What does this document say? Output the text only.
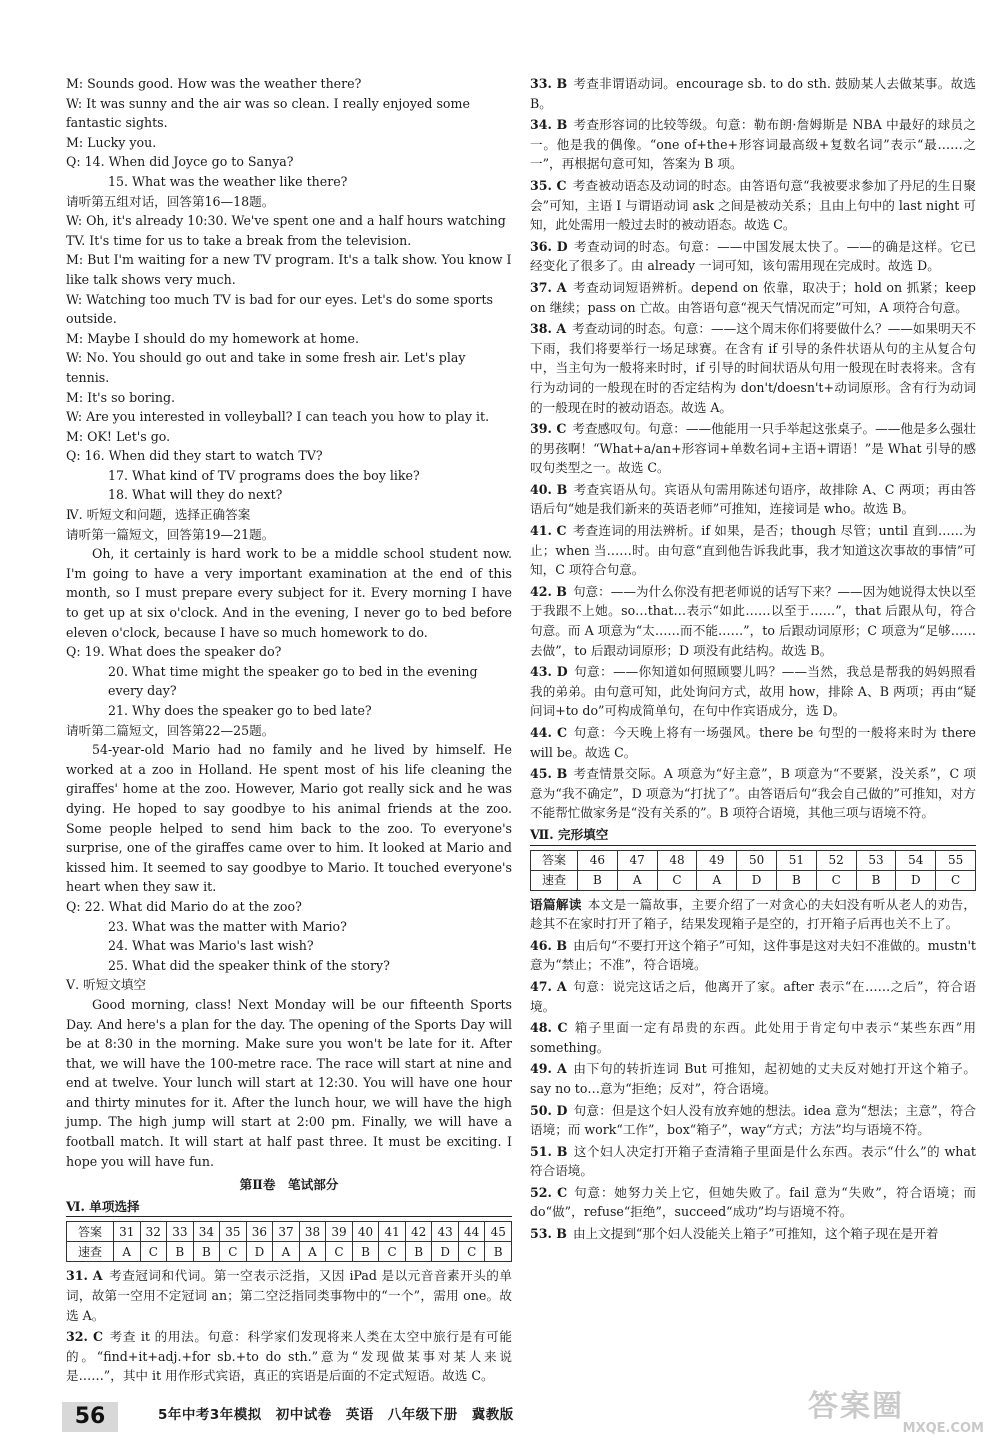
M: Sounds good. How was the weather there?

W: It was sunny and the air was so clean. I really enjoyed some fantastic sights.

M: Lucky you.

Q: 14. When did Joyce go to Sanya?

15. What was the weather like there?

请听第五组对话，回答第16—18题。

W: Oh, it's already 10:30. We've spent one and a half hours watching TV. It's time for us to take a break from the television.

M: But I'm waiting for a new TV program. It's a talk show. You know I like talk shows very much.

W: Watching too much TV is bad for our eyes. Let's do some sports outside.

M: Maybe I should do my homework at home.

W: No. You should go out and take in some fresh air. Let's play tennis.

M: It's so boring.

W: Are you interested in volleyball? I can teach you how to play it.

M: OK! Let's go.

Q: 16. When did they start to watch TV?

17. What kind of TV programs does the boy like?

18. What will they do next?

Ⅳ. 听短文和问题，选择正确答案

请听第一篇短文，回答第19—21题。

Oh, it certainly is hard work to be a middle school student now. I'm going to have a very important examination at the end of this month, so I must prepare every subject for it. Every morning I have to get up at six o'clock. And in the evening, I never go to bed before eleven o'clock, because I have so much homework to do.

Q: 19. What does the speaker do?

20. What time might the speaker go to bed in the evening every day?

21. Why does the speaker go to bed late?

请听第二篇短文，回答第22—25题。

54-year-old Mario had no family and he lived by himself. He worked at a zoo in Holland. He spent most of his life cleaning the giraffes' home at the zoo. However, Mario got really sick and he was dying. He hoped to say goodbye to his animal friends at the zoo. Some people helped to send him back to the zoo. To everyone's surprise, one of the giraffes came over to him. It looked at Mario and kissed him. It seemed to say goodbye to Mario. It touched everyone's heart when they saw it.

Q: 22. What did Mario do at the zoo?

23. What was the matter with Mario?

24. What was Mario's last wish?

25. What did the speaker think of the story?

Ⅴ. 听短文填空

Good morning, class! Next Monday will be our fifteenth Sports Day. And here's a plan for the day. The opening of the Sports Day will be at 8:30 in the morning. Make sure you won't be late for it. After that, we will have the 100-metre race. The race will start at nine and end at twelve. Your lunch will start at 12:30. You will have one hour and thirty minutes for it. After the lunch hour, we will have the high jump. The high jump will start at 2:00 pm. Finally, we will have a football match. It will start at half past three. It must be exciting. I hope you will have fun.

第Ⅱ卷　笔试部分

Ⅵ. 单项选择

答案	31	32	33	34	35	36	37	38	39	40	41	42	43	44	45
速查	A	C	B	B	C	D	A	A	C	B	C	B	D	C	B

31. A 考查冠词和代词。第一空表示泛指，又因 iPad 是以元音音素开头的单词，故第一空用不定冠词 an；第二空泛指同类事物中的“一个”，需用 one。故选 A。

32. C 考查 it 的用法。句意：科学家们发现将来人类在太空中旅行是有可能的。“find+it+adj.+for sb.+to do sth.”意为“发现做某事对某人来说是……”，其中 it 用作形式宾语，真正的宾语是后面的不定式短语。故选 C。

33. B 考查非谓语动词。encourage sb. to do sth. 鼓励某人去做某事。故选 B。

34. B 考查形容词的比较等级。句意：勒布朗·詹姆斯是 NBA 中最好的球员之一。他是我的偶像。“one of+the+形容词最高级+复数名词”表示“最……之一”，再根据句意可知，答案为 B 项。

35. C 考查被动语态及动词的时态。由答语句意“我被要求参加了丹尼的生日聚会”可知，主语 I 与谓语动词 ask 之间是被动关系；且由上句中的 last night 可知，此处需用一般过去时的被动语态。故选 C。

36. D 考查动词的时态。句意：——中国发展太快了。——的确是这样。它已经变化了很多了。由 already 一词可知，该句需用现在完成时。故选 D。

37. A 考查动词短语辨析。depend on 依靠，取决于；hold on 抓紧；keep on 继续；pass on 亡故。由答语句意“视天气情况而定”可知，A 项符合句意。

38. A 考查动词的时态。句意：——这个周末你们将要做什么？——如果明天不下雨，我们将要举行一场足球赛。在含有 if 引导的条件状语从句的主从复合句中，当主句为一般将来时时，if 引导的时间状语从句用一般现在时表将来。含有行为动词的一般现在时的否定结构为 don't/doesn't+动词原形。含有行为动词的一般现在时的被动语态。故选 A。

39. C 考查感叹句。句意：——他能用一只手举起这张桌子。——他是多么强壮的男孩啊！“What+a/an+形容词+单数名词+主语+谓语！”是 What 引导的感叹句类型之一。故选 C。

40. B 考查宾语从句。宾语从句需用陈述句语序，故排除 A、C 两项；再由答语后句“她是我们新来的英语老师”可推知，连接词是 who。故选 B。

41. C 考查连词的用法辨析。if 如果，是否；though 尽管；until 直到……为止；when 当……时。由句意“直到他告诉我此事，我才知道这次事故的事情”可知，C 项符合句意。

42. B 句意：——为什么你没有把老师说的话写下来？——因为她说得太快以至于我跟不上她。so…that…表示“如此……以至于……”，that 后跟从句，符合句意。而 A 项意为“太……而不能……”，to 后跟动词原形；C 项意为“足够……去做”，to 后跟动词原形；D 项没有此结构。故选 B。

43. D 句意：——你知道如何照顾婴儿吗？——当然，我总是帮我的妈妈照看我的弟弟。由句意可知，此处询问方式，故用 how，排除 A、B 两项；再由“疑问词+to do”可构成简单句，在句中作宾语成分，选 D。

44. C 句意：今天晚上将有一场强风。there be 句型的一般将来时为 there will be。故选 C。

45. B 考查情景交际。A 项意为“好主意”，B 项意为“不要紧，没关系”，C 项意为“我不确定”，D 项意为“打扰了”。由答语后句“我会自己做的”可推知，对方不能帮忙做家务是“没有关系的”。B 项符合语境，其他三项与语境不符。

Ⅶ. 完形填空

答案	46	47	48	49	50	51	52	53	54	55
速查	B	A	C	A	D	B	C	B	D	C

语篇解读 本文是一篇故事，主要介绍了一对贪心的夫妇没有听从老人的劝告，趁其不在家时打开了箱子，结果发现箱子是空的，打开箱子后再也关不上了。

46. B 由后句“不要打开这个箱子”可知，这件事是这对夫妇不准做的。mustn't 意为“禁止；不准”，符合语境。

47. A 句意：说完这话之后，他离开了家。after 表示“在……之后”，符合语境。

48. C 箱子里面一定有昂贵的东西。此处用于肯定句中表示“某些东西”用 something。

49. A 由下句的转折连词 But 可推知，起初她的丈夫反对她打开这个箱子。say no to…意为“拒绝；反对”，符合语境。

50. D 句意：但是这个妇人没有放弃她的想法。idea 意为“想法；主意”，符合语境；而 work“工作”，box“箱子”，way“方式；方法”均与语境不符。

51. B 这个妇人决定打开箱子查清箱子里面是什么东西。表示“什么”的 what 符合语境。

52. C 句意：她努力关上它，但她失败了。fail 意为“失败”，符合语境；而 do“做”，refuse“拒绝”，succeed“成功”均与语境不符。

53. B 由上文提到“那个妇人没能关上箱子”可推知，这个箱子现在是开着

56	5年中考3年模拟　初中试卷　英语　八年级下册　冀教版	答案圈
MXQE.COM
